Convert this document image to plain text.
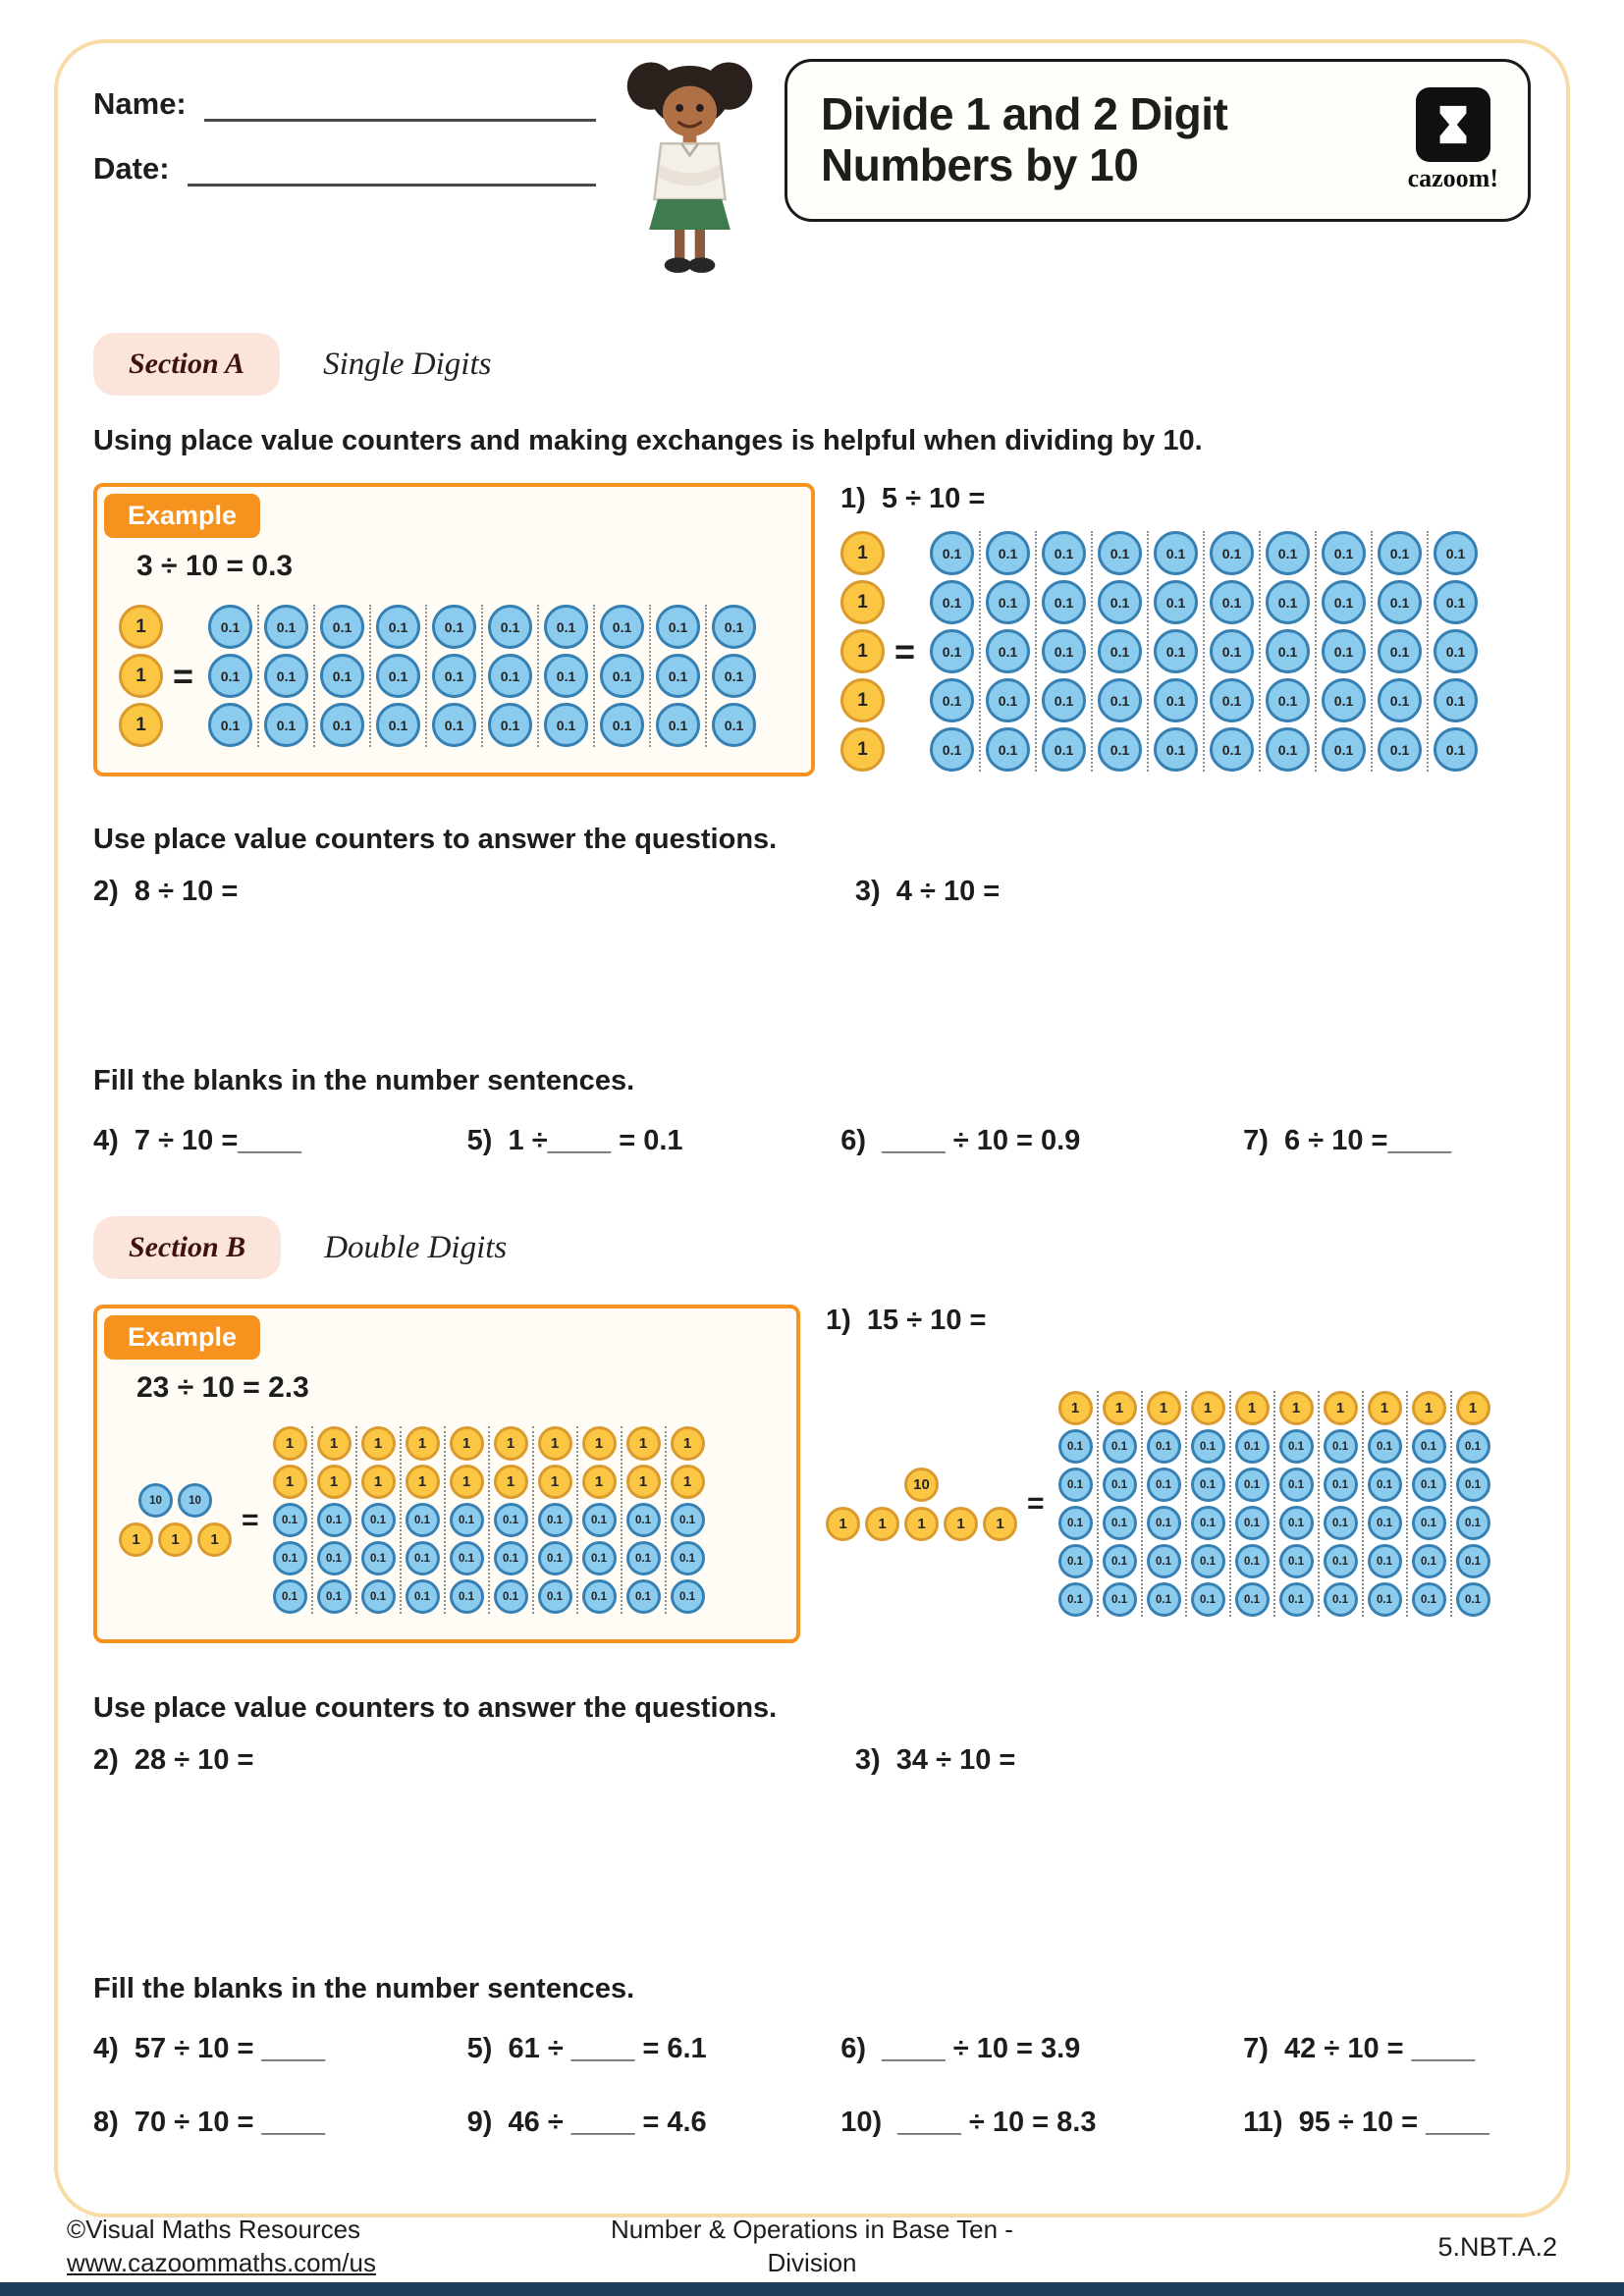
Name:
Date:
Divide 1 and 2 Digit
Numbers by 10	cazoom!
Section A	Single Digits

Using place value counters and making exchanges is helpful when dividing by 10.

Example
3 ÷ 10 = 0.3
1
1
1
=
0.1
0.1
0.1
0.1
0.1
0.1
0.1
0.1
0.1
0.1
0.1
0.1
0.1
0.1
0.1
0.1
0.1
0.1
0.1
0.1
0.1
0.1
0.1
0.1
0.1
0.1
0.1
0.1
0.1
0.1
1)  5 ÷ 10 =
1
1
1
1
1
=
0.1
0.1
0.1
0.1
0.1
0.1
0.1
0.1
0.1
0.1
0.1
0.1
0.1
0.1
0.1
0.1
0.1
0.1
0.1
0.1
0.1
0.1
0.1
0.1
0.1
0.1
0.1
0.1
0.1
0.1
0.1
0.1
0.1
0.1
0.1
0.1
0.1
0.1
0.1
0.1
0.1
0.1
0.1
0.1
0.1
0.1
0.1
0.1
0.1
0.1

Use place value counters to answer the questions.

2)  8 ÷ 10 =	3)  4 ÷ 10 =

Fill the blanks in the number sentences.

4)  7 ÷ 10 =____	5)  1 ÷____ = 0.1	6)  ____ ÷ 10 = 0.9	7)  6 ÷ 10 =____
Section B	Double Digits
Example
23 ÷ 10 = 2.3
10	10
1	1	1
=
1
1
0.1
0.1
0.1
1
1
0.1
0.1
0.1
1
1
0.1
0.1
0.1
1
1
0.1
0.1
0.1
1
1
0.1
0.1
0.1
1
1
0.1
0.1
0.1
1
1
0.1
0.1
0.1
1
1
0.1
0.1
0.1
1
1
0.1
0.1
0.1
1
1
0.1
0.1
0.1
1)  15 ÷ 10 =
10
1	1	1	1	1
=
1
0.1
0.1
0.1
0.1
0.1
1
0.1
0.1
0.1
0.1
0.1
1
0.1
0.1
0.1
0.1
0.1
1
0.1
0.1
0.1
0.1
0.1
1
0.1
0.1
0.1
0.1
0.1
1
0.1
0.1
0.1
0.1
0.1
1
0.1
0.1
0.1
0.1
0.1
1
0.1
0.1
0.1
0.1
0.1
1
0.1
0.1
0.1
0.1
0.1
1
0.1
0.1
0.1
0.1
0.1

Use place value counters to answer the questions.

2)  28 ÷ 10 =	3)  34 ÷ 10 =

Fill the blanks in the number sentences.

4)  57 ÷ 10 = ____	5)  61 ÷ ____ = 6.1	6)  ____ ÷ 10 = 3.9	7)  42 ÷ 10 = ____
8)  70 ÷ 10 = ____	9)  46 ÷ ____ = 4.6	10)  ____ ÷ 10 = 8.3	11)  95 ÷ 10 = ____
Number & Operations in Base Ten -
Division
©Visual Maths Resources
www.cazoommaths.com/us
5.NBT.A.2
